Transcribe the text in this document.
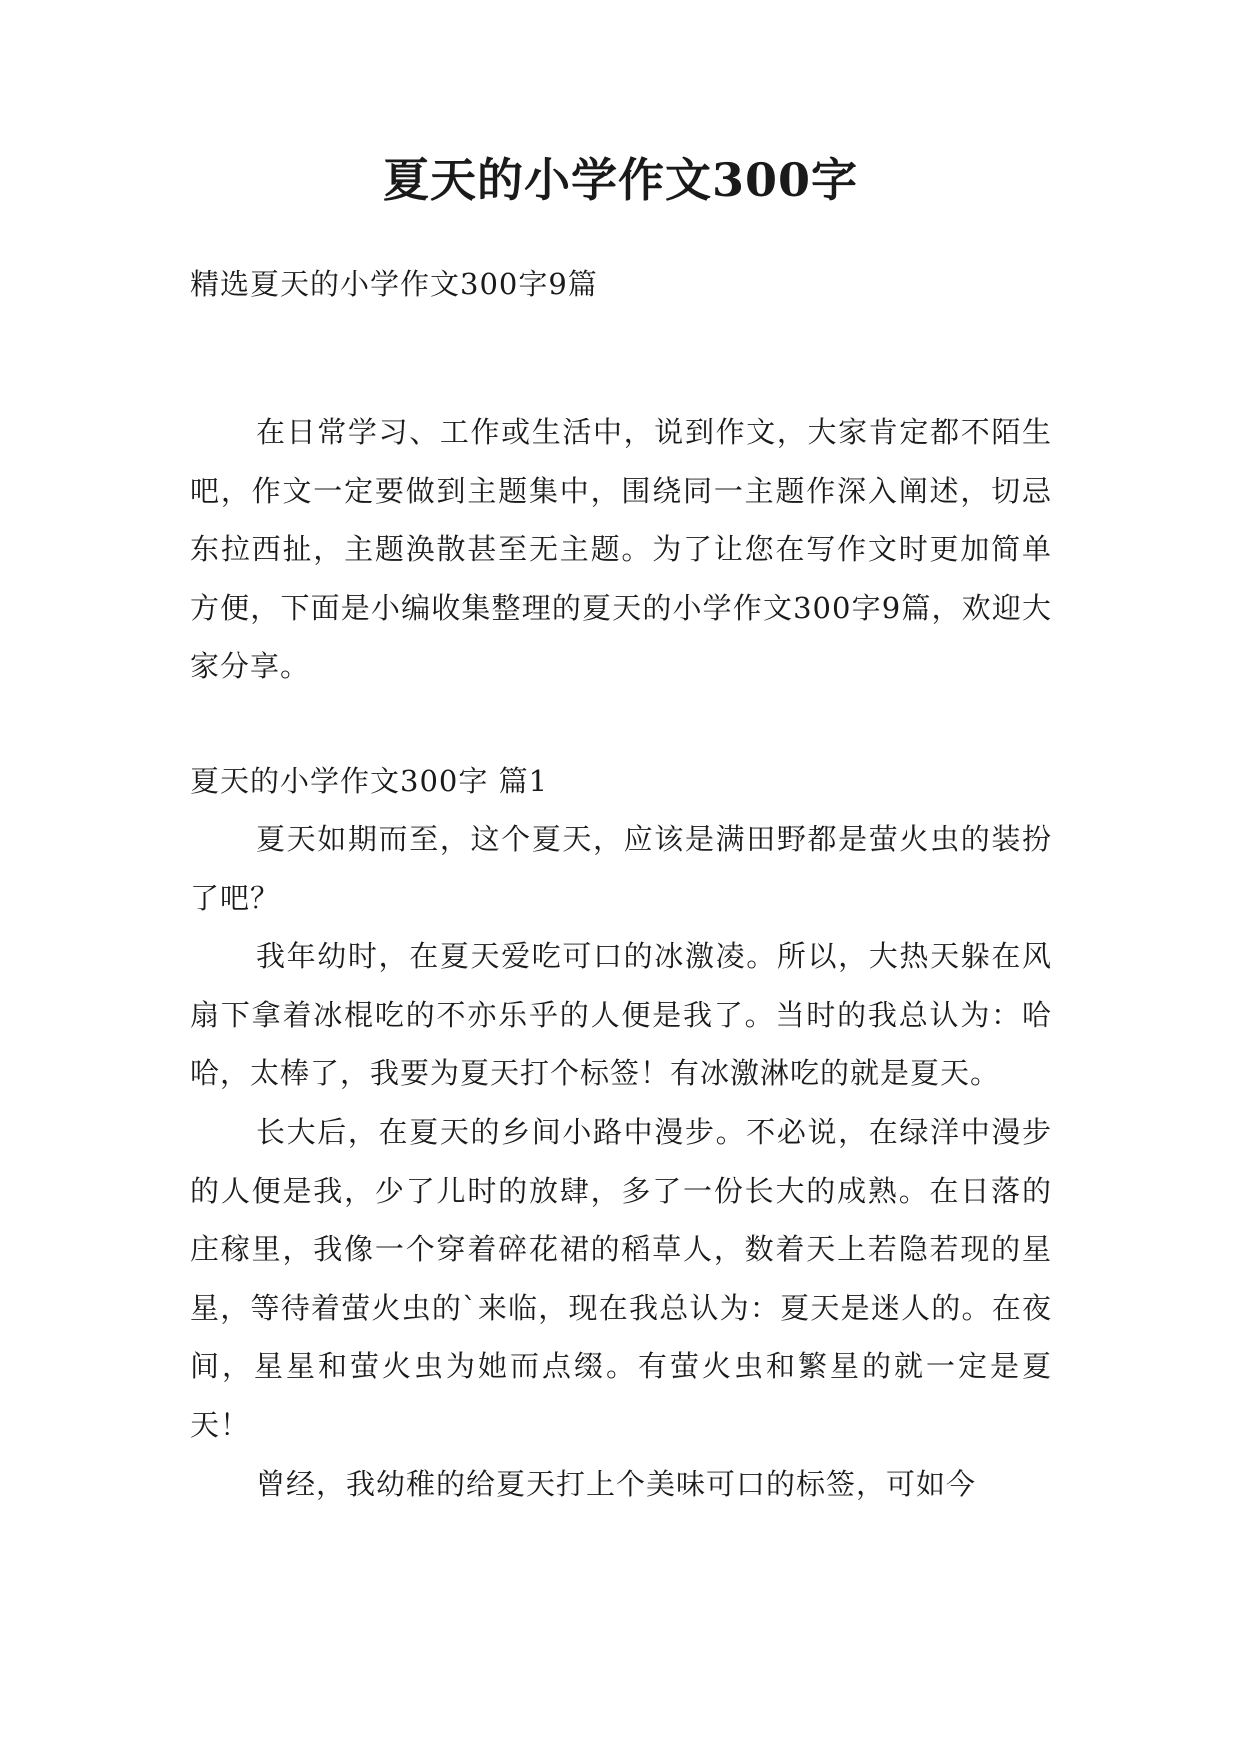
夏天的小学作文300字

精选夏天的小学作文300字9篇

在日常学习、工作或生活中，说到作文，大家肯定都不陌生吧，作文一定要做到主题集中，围绕同一主题作深入阐述，切忌东拉西扯，主题涣散甚至无主题。为了让您在写作文时更加简单方便，下面是小编收集整理的夏天的小学作文300字9篇，欢迎大家分享。

夏天的小学作文300字 篇1

夏天如期而至，这个夏天，应该是满田野都是萤火虫的装扮了吧？

我年幼时，在夏天爱吃可口的冰激凌。所以，大热天躲在风扇下拿着冰棍吃的不亦乐乎的人便是我了。当时的我总认为：哈哈，太棒了，我要为夏天打个标签！有冰激淋吃的就是夏天。

长大后，在夏天的乡间小路中漫步。不必说，在绿洋中漫步的人便是我，少了儿时的放肆，多了一份长大的成熟。在日落的庄稼里，我像一个穿着碎花裙的稻草人，数着天上若隐若现的星星，等待着萤火虫的`来临，现在我总认为：夏天是迷人的。在夜间，星星和萤火虫为她而点缀。有萤火虫和繁星的就一定是夏天！

曾经，我幼稚的给夏天打上个美味可口的标签，可如今
